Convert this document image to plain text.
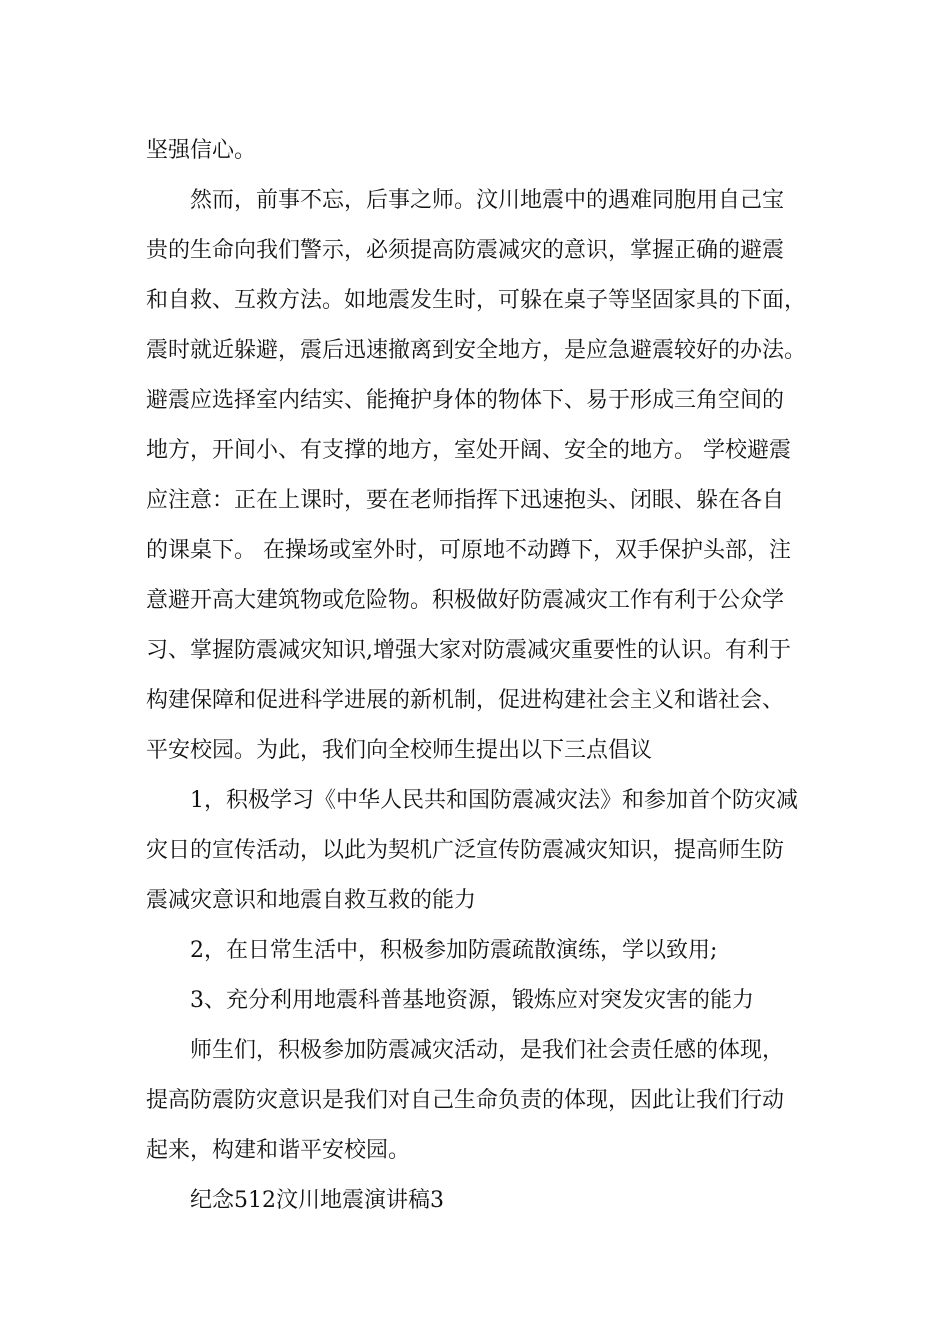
坚强信心。
然而，前事不忘，后事之师。汶川地震中的遇难同胞用自己宝
贵的生命向我们警示，必须提高防震减灾的意识，掌握正确的避震
和自救、互救方法。如地震发生时，可躲在桌子等坚固家具的下面，
震时就近躲避，震后迅速撤离到安全地方，是应急避震较好的办法。
避震应选择室内结实、能掩护身体的物体下、易于形成三角空间的
地方，开间小、有支撑的地方，室处开阔、安全的地方。 学校避震
应注意：正在上课时，要在老师指挥下迅速抱头、闭眼、躲在各自
的课桌下。 在操场或室外时，可原地不动蹲下，双手保护头部，注
意避开高大建筑物或危险物。积极做好防震减灾工作有利于公众学
习、掌握防震减灾知识,增强大家对防震减灾重要性的认识。有利于
构建保障和促进科学进展的新机制，促进构建社会主义和谐社会、
平安校园。为此，我们向全校师生提出以下三点倡议
1，积极学习《中华人民共和国防震减灾法》和参加首个防灾减
灾日的宣传活动，以此为契机广泛宣传防震减灾知识，提高师生防
震减灾意识和地震自救互救的能力
2，在日常生活中，积极参加防震疏散演练，学以致用;
3、充分利用地震科普基地资源，锻炼应对突发灾害的能力
师生们，积极参加防震减灾活动，是我们社会责任感的体现，
提高防震防灾意识是我们对自己生命负责的体现，因此让我们行动
起来，构建和谐平安校园。
纪念512汶川地震演讲稿3
